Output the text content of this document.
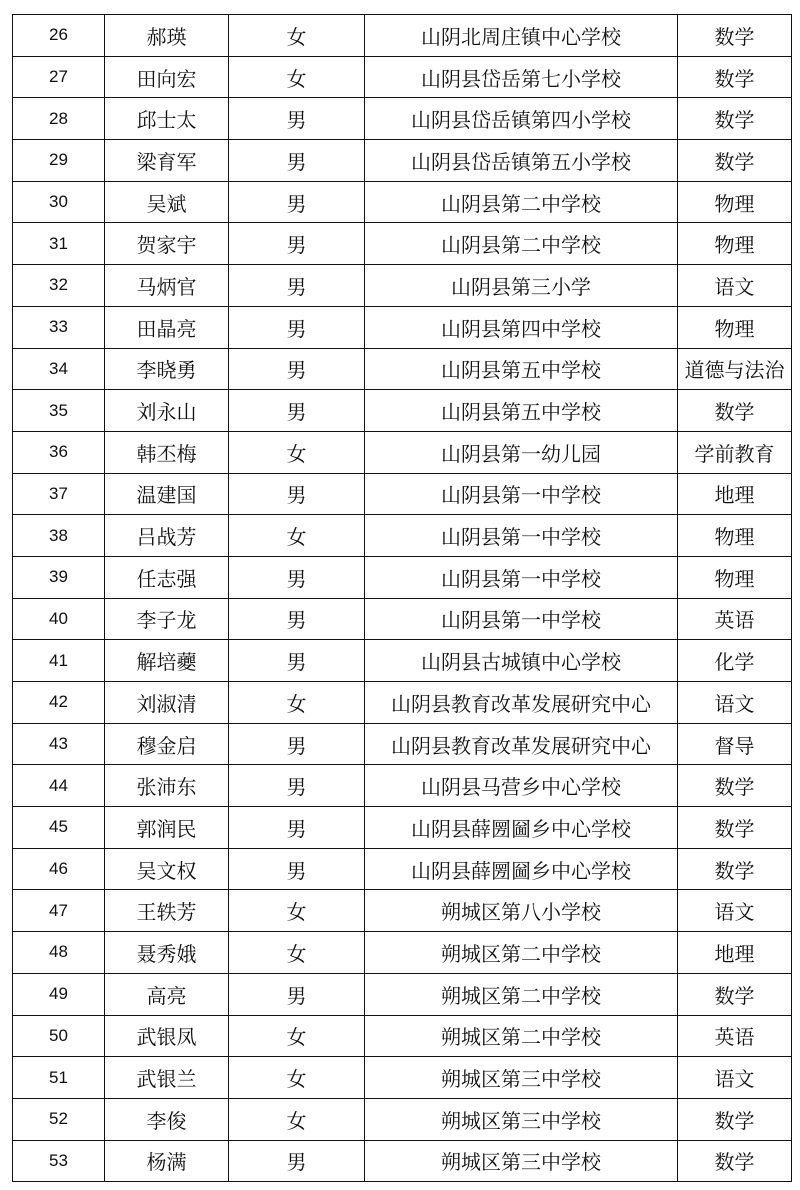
26	郝瑛	女	山阴北周庄镇中心学校	数学
27	田向宏	女	山阴县岱岳第七小学校	数学
28	邱士太	男	山阴县岱岳镇第四小学校	数学
29	梁育军	男	山阴县岱岳镇第五小学校	数学
30	吴斌	男	山阴县第二中学校	物理
31	贺家宇	男	山阴县第二中学校	物理
32	马炳官	男	山阴县第三小学	语文
33	田晶亮	男	山阴县第四中学校	物理
34	李晓勇	男	山阴县第五中学校	道德与法治
35	刘永山	男	山阴县第五中学校	数学
36	韩丕梅	女	山阴县第一幼儿园	学前教育
37	温建国	男	山阴县第一中学校	地理
38	吕战芳	女	山阴县第一中学校	物理
39	任志强	男	山阴县第一中学校	物理
40	李子龙	男	山阴县第一中学校	英语
41	解培虁	男	山阴县古城镇中心学校	化学
42	刘淑清	女	山阴县教育改革发展研究中心	语文
43	穆金启	男	山阴县教育改革发展研究中心	督导
44	张沛东	男	山阴县马营乡中心学校	数学
45	郭润民	男	山阴县薛圐圙乡中心学校	数学
46	吴文权	男	山阴县薛圐圙乡中心学校	数学
47	王轶芳	女	朔城区第八小学校	语文
48	聂秀娥	女	朔城区第二中学校	地理
49	高亮	男	朔城区第二中学校	数学
50	武银凤	女	朔城区第二中学校	英语
51	武银兰	女	朔城区第三中学校	语文
52	李俊	女	朔城区第三中学校	数学
53	杨满	男	朔城区第三中学校	数学
